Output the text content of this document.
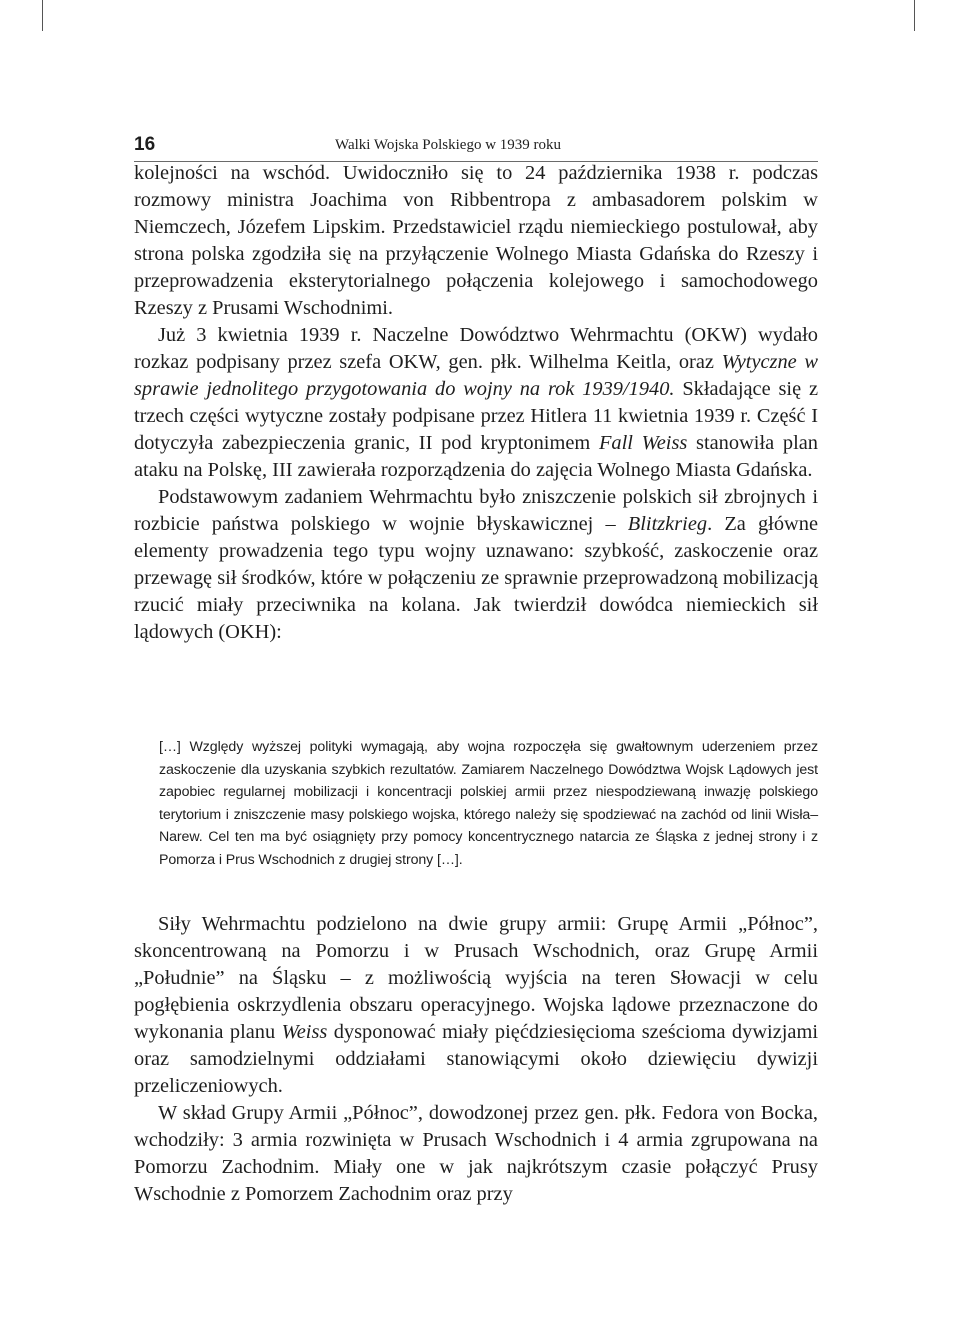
16	Walki Wojska Polskiego w 1939 roku

kolejności na wschód. Uwidoczniło się to 24 października 1938 r. podczas rozmowy ministra Joachima von Ribbentropa z ambasadorem polskim w Niemczech, Józefem Lipskim. Przedstawiciel rządu niemieckiego postulował, aby strona polska zgodziła się na przyłączenie Wolnego Miasta Gdańska do Rzeszy i przeprowadzenia eksterytorialnego połączenia kolejowego i samochodowego Rzeszy z Prusami Wschodnimi.

Już 3 kwietnia 1939 r. Naczelne Dowództwo Wehrmachtu (OKW) wydało rozkaz podpisany przez szefa OKW, gen. płk. Wilhelma Keitla, oraz Wytyczne w sprawie jednolitego przygotowania do wojny na rok 1939/1940. Składające się z trzech części wytyczne zostały podpisane przez Hitlera 11 kwietnia 1939 r. Część I dotyczyła zabezpieczenia granic, II pod kryptonimem Fall Weiss stanowiła plan ataku na Polskę, III zawierała rozporządzenia do zajęcia Wolnego Miasta Gdańska.

Podstawowym zadaniem Wehrmachtu było zniszczenie polskich sił zbrojnych i rozbicie państwa polskiego w wojnie błyskawicznej – Blitzkrieg. Za główne elementy prowadzenia tego typu wojny uznawano: szybkość, zaskoczenie oraz przewagę sił środków, które w połączeniu ze sprawnie przeprowadzoną mobilizacją rzucić miały przeciwnika na kolana. Jak twierdził dowódca niemieckich sił lądowych (OKH):

[…] Względy wyższej polityki wymagają, aby wojna rozpoczęła się gwałtownym uderzeniem przez zaskoczenie dla uzyskania szybkich rezultatów. Zamiarem Naczelnego Dowództwa Wojsk Lądowych jest zapobiec regularnej mobilizacji i koncentracji polskiej armii przez niespodziewaną inwazję polskiego terytorium i zniszczenie masy polskiego wojska, którego należy się spodziewać na zachód od linii Wisła–Narew. Cel ten ma być osiągnięty przy pomocy koncentrycznego natarcia ze Śląska z jednej strony i z Pomorza i Prus Wschodnich z drugiej strony […].

Siły Wehrmachtu podzielono na dwie grupy armii: Grupę Armii „Północ”, skoncentrowaną na Pomorzu i w Prusach Wschodnich, oraz Grupę Armii „Południe” na Śląsku – z możliwością wyjścia na teren Słowacji w celu pogłębienia oskrzydlenia obszaru operacyjnego. Wojska lądowe przeznaczone do wykonania planu Weiss dysponować miały pięćdziesięcioma sześcioma dywizjami oraz samodzielnymi oddziałami stanowiącymi około dziewięciu dywizji przeliczeniowych.

W skład Grupy Armii „Północ”, dowodzonej przez gen. płk. Fedora von Bocka, wchodziły: 3 armia rozwinięta w Prusach Wschodnich i 4 armia zgrupowana na Pomorzu Zachodnim. Miały one w jak najkrótszym czasie połączyć Prusy Wschodnie z Pomorzem Zachodnim oraz przy
